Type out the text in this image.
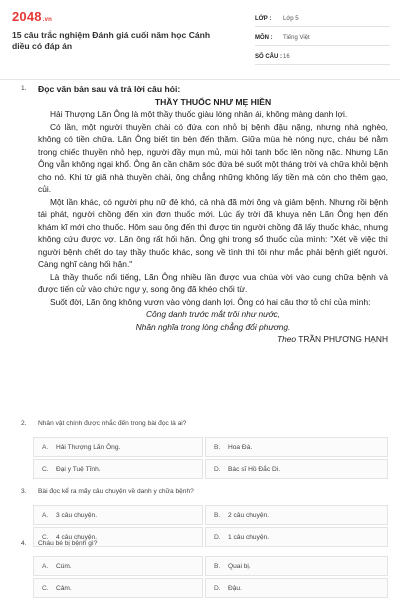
2048.vn
15 câu trắc nghiệm Đánh giá cuối năm học Cánh diều có đáp án
LỚP :	Lớp 5
MÔN :	Tiếng Việt
SỐ CÂU : 16
1. Đọc văn bản sau và trả lời câu hỏi:
THẦY THUỐC NHƯ MẸ HIỀN
Hải Thượng Lãn Ông là một thầy thuốc giàu lòng nhân ái, không màng danh lợi.
Có lần, một người thuyền chài có đứa con nhỏ bị bệnh đậu nặng, nhưng nhà nghèo, không có tiền chữa. Lãn Ông biết tin bèn đến thăm. Giữa mùa hè nóng nực, cháu bé nằm trong chiếc thuyền nhỏ hẹp, người đầy mụn mủ, mùi hôi tanh bốc lên nồng nặc. Nhưng Lãn Ông vẫn không ngại khổ. Ông ân cần chăm sóc đứa bé suốt một tháng trời và chữa khỏi bệnh cho nó. Khi từ giã nhà thuyền chài, ông chẳng những không lấy tiền mà còn cho thêm gạo, củi.
Một lần khác, có người phụ nữ đẻ khó, cả nhà đã mời ông và giảm bệnh. Nhưng rồi bệnh tái phát, người chồng đến xin đơn thuốc mới. Lúc ấy trời đã khuya nên Lãn Ông hẹn đến khám kĩ mới cho thuốc. Hôm sau ông đến thì được tin người chồng đã lấy thuốc khác, nhưng không cứu được vợ. Lãn ông rất hối hận. Ông ghi trong sổ thuốc của mình: "Xét về việc thì người bệnh chết do tay thầy thuốc khác, song về tình thì tôi như mắc phải bệnh giết người. Càng nghĩ càng hối hận."
Là thầy thuốc nổi tiếng, Lãn Ông nhiều lần được vua chúa vời vào cung chữa bệnh và được tiến cử vào chức ngự y, song ông đã khéo chối từ.
Suốt đời, Lãn ông không vươn vào vòng danh lợi. Ông có hai câu thơ tỏ chí của mình:
Công danh trước mắt trôi như nước,
Nhân nghĩa trong lòng chẳng đổi phương.
Theo TRẦN PHƯƠNG HẠNH
2. Nhân vật chính được nhắc đến trong bài đọc là ai?
A.	Hải Thượng Lãn Ông.	B.	Hoa Đà.
C.	Đại y Tuệ Tĩnh.	D.	Bác sĩ Hồ Đắc Di.
3. Bài đọc kể ra mấy câu chuyện về danh y chữa bệnh?
A.	3 câu chuyện.	B.	2 câu chuyện.
C.	4 câu chuyện.	D.	1 câu chuyện.
4. Cháu bé bị bệnh gì?
A.	Cúm.	B.	Quai bị.
C.	Cảm.	D.	Đậu.
